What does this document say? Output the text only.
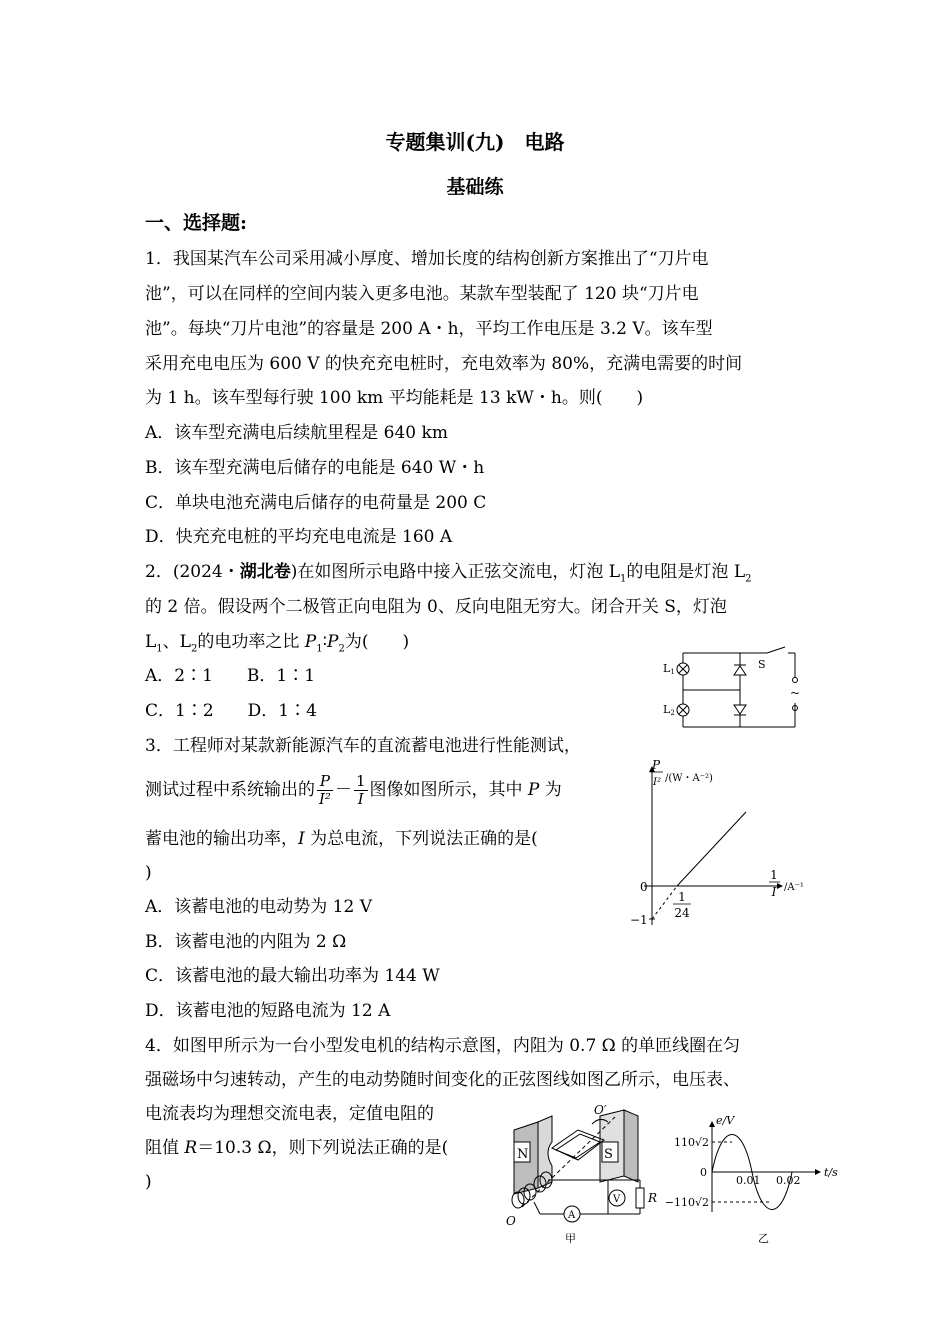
专题集训(九)　电路
基础练
一、选择题:
1．我国某汽车公司采用减小厚度、增加长度的结构创新方案推出了“刀片电
池”，可以在同样的空间内装入更多电池。某款车型装配了 120 块“刀片电
池”。每块“刀片电池”的容量是 200 A・h，平均工作电压是 3.2 V。该车型
采用充电电压为 600 V 的快充充电桩时，充电效率为 80%，充满电需要的时间
为 1 h。该车型每行驶 100 km 平均能耗是 13 kW・h。则(　　)
A．该车型充满电后续航里程是 640 km
B．该车型充满电后储存的电能是 640 W・h
C．单块电池充满电后储存的电荷量是 200 C
D．快充充电桩的平均充电电流是 160 A
2．(2024・湖北卷)在如图所示电路中接入正弦交流电，灯泡 $L_1$的电阻是灯泡 $L_2$
的 2 倍。假设两个二极管正向电阻为 0、反向电阻无穷大。闭合开关 S，灯泡
$L_1$、$L_2$的电功率之比 $P_1∶P_2$为(　　)
A．2∶1　　B．1∶1
C．1∶2　　D．1∶4
L1
L2
S
~
3．工程师对某款新能源汽车的直流蓄电池进行性能测试，
测试过程中系统输出的 $\frac{P}{\text{I²}} - \frac{1}{I}$ 图像如图所示，其中 P 为
蓄电池的输出功率，I 为总电流，下列说法正确的是(
)
A．该蓄电池的电动势为 12 V
B．该蓄电池的内阻为 2 Ω
C．该蓄电池的最大输出功率为 144 W
D．该蓄电池的短路电流为 12 A
P
I² /(W・A⁻²)
1
I /A⁻¹
0
−1
1
24
4．如图甲所示为一台小型发电机的结构示意图，内阻为 0.7 Ω 的单匝线圈在匀
强磁场中匀速转动，产生的电动势随时间变化的正弦图线如图乙所示，电压表、
电流表均为理想交流电表，定值电阻的
阻值 R＝10.3 Ω，则下列说法正确的是(
)
N	S
O′
O
V
A
R
甲
e/V
t/s
110√2
−110√2
0
0.01 0.02
乙
